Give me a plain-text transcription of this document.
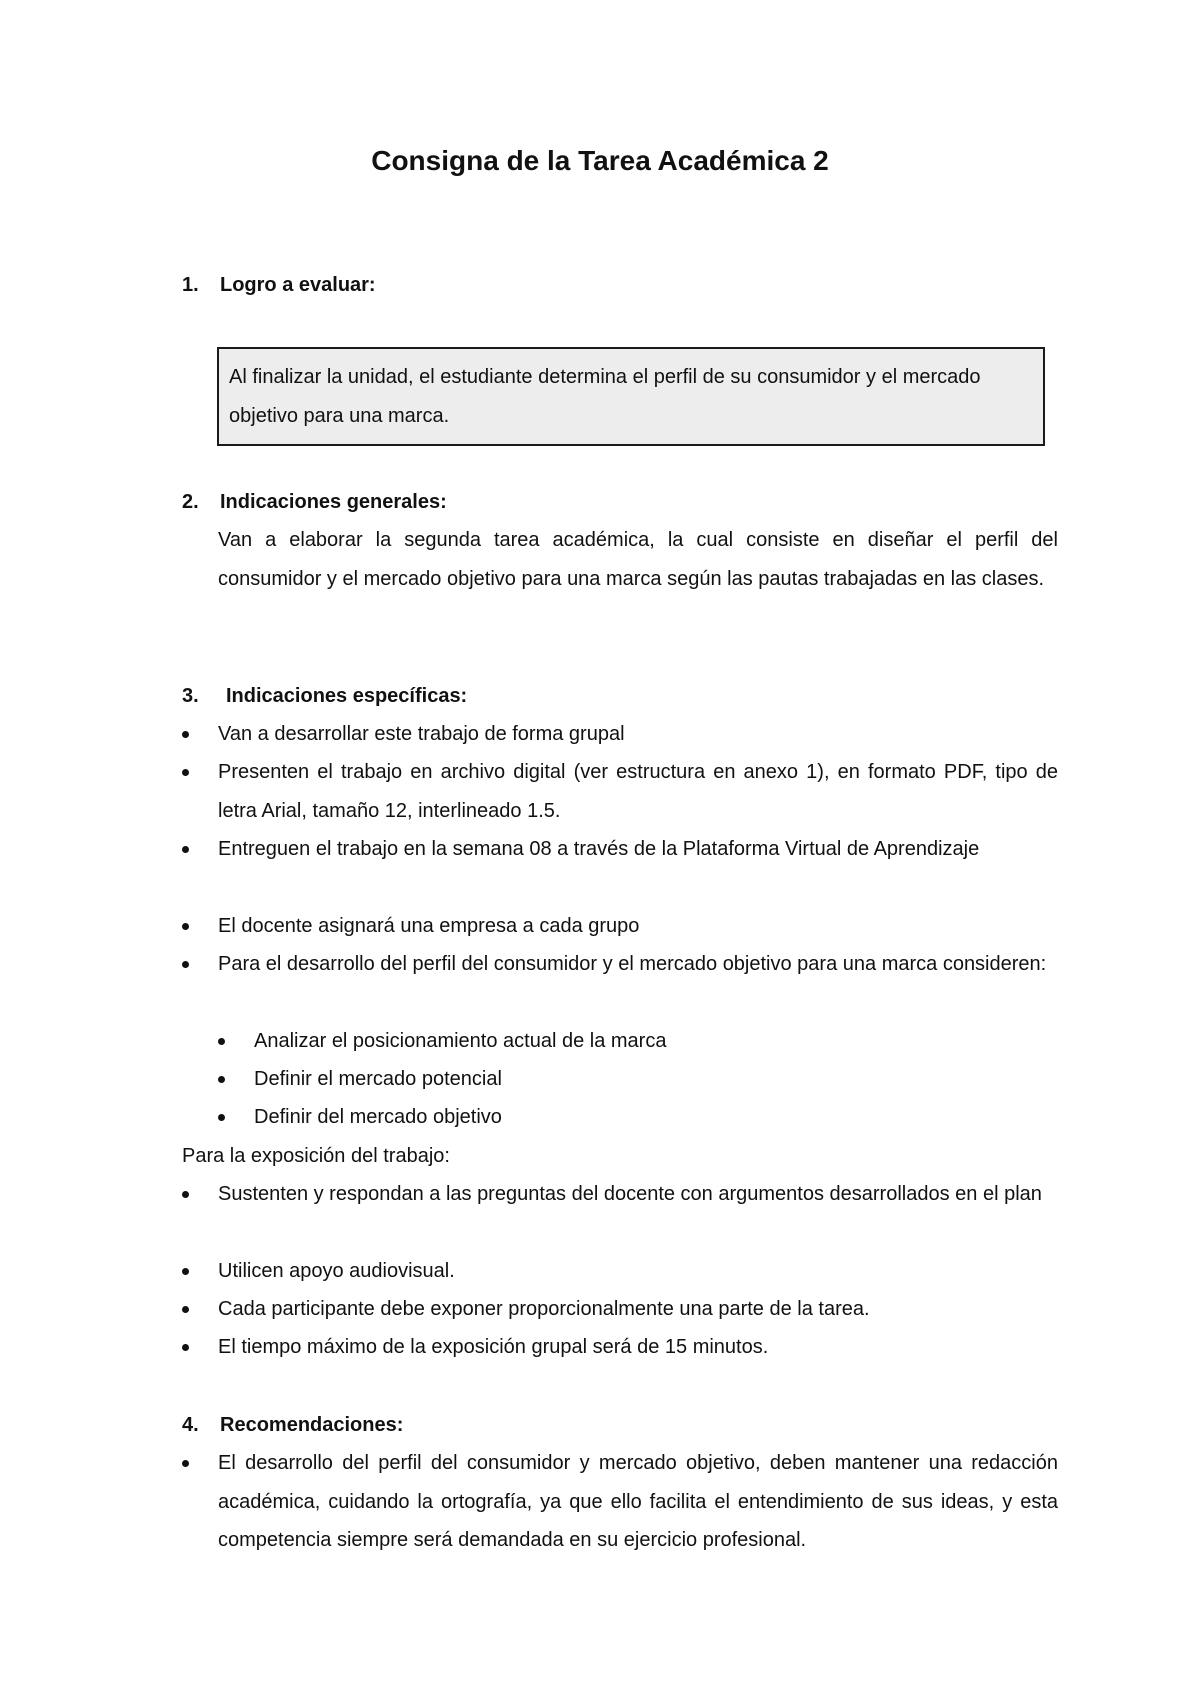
Consigna de la Tarea Académica 2
1. Logro a evaluar:
Al finalizar la unidad, el estudiante determina el perfil de su consumidor y el mercado objetivo para una marca.
2. Indicaciones generales:
Van a elaborar la segunda tarea académica, la cual consiste en diseñar el perfil del consumidor y el mercado objetivo para una marca según las pautas trabajadas en las clases.
3. Indicaciones específicas:
Van a desarrollar este trabajo de forma grupal
Presenten el trabajo en archivo digital (ver estructura en anexo 1), en formato PDF, tipo de letra Arial, tamaño 12, interlineado 1.5.
Entreguen el trabajo en la semana 08 a través de la Plataforma Virtual de Aprendizaje
El docente asignará una empresa a cada grupo
Para el desarrollo del perfil del consumidor y el mercado objetivo para una marca consideren:
Analizar el posicionamiento actual de la marca
Definir el mercado potencial
Definir del mercado objetivo
Para la exposición del trabajo:
Sustenten y respondan a las preguntas del docente con argumentos desarrollados en el plan
Utilicen apoyo audiovisual.
Cada participante debe exponer proporcionalmente una parte de la tarea.
El tiempo máximo de la exposición grupal será de 15 minutos.
4. Recomendaciones:
El desarrollo del perfil del consumidor y mercado objetivo, deben mantener una redacción académica, cuidando la ortografía, ya que ello facilita el entendimiento de sus ideas, y esta competencia siempre será demandada en su ejercicio profesional.
